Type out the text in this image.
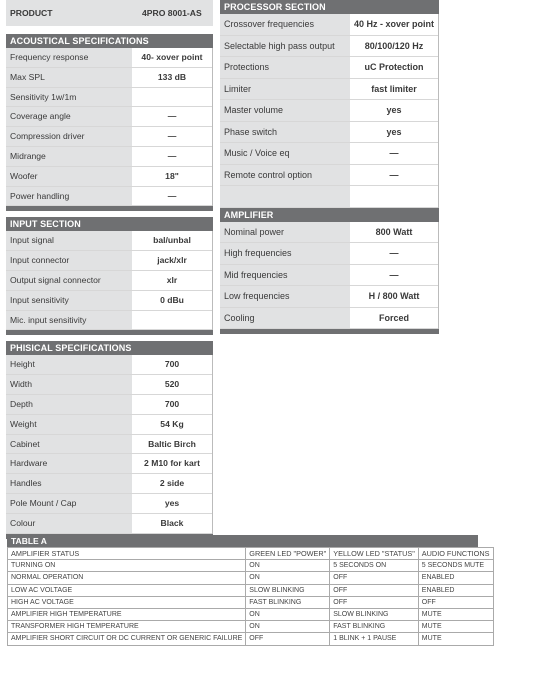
PRODUCT	4PRO 8001-AS
ACOUSTICAL SPECIFICATIONS
Frequency response	40- xover point
Max SPL	133 dB
Sensitivity 1w/1m
Coverage angle	—
Compression driver	—
Midrange	—
Woofer	18"
Power handling	—
INPUT SECTION
Input signal	bal/unbal
Input connector	jack/xlr
Output signal connector	xlr
Input sensitivity	0 dBu
Mic. input sensitivity
PHISICAL SPECIFICATIONS
Height	700
Width	520
Depth	700
Weight	54 Kg
Cabinet	Baltic Birch
Hardware	2 M10 for kart
Handles	2 side
Pole Mount / Cap	yes
Colour	Black
PROCESSOR SECTION
Crossover frequencies	40 Hz - xover point
Selectable high pass output	80/100/120 Hz
Protections	uC Protection
Limiter	fast limiter
Master volume	yes
Phase switch	yes
Music / Voice eq	—
Remote control option	—
AMPLIFIER
Nominal power	800 Watt
High frequencies	—
Mid frequencies	—
Low frequencies	H / 800 Watt
Cooling	Forced
TABLE A
AMPLIFIER STATUS	GREEN LED "POWER"	YELLOW LED "STATUS"	AUDIO FUNCTIONS
TURNING ON	ON	5 SECONDS ON	5 SECONDS MUTE
NORMAL OPERATION	ON	OFF	ENABLED
LOW AC VOLTAGE	SLOW BLINKING	OFF	ENABLED
HIGH AC VOLTAGE	FAST BLINKING	OFF	OFF
AMPLIFIER HIGH TEMPERATURE	ON	SLOW BLINKING	MUTE
TRANSFORMER HIGH TEMPERATURE	ON	FAST BLINKING	MUTE
AMPLIFIER SHORT CIRCUIT OR DC CURRENT OR GENERIC FAILURE	OFF	1 BLINK + 1 PAUSE	MUTE
